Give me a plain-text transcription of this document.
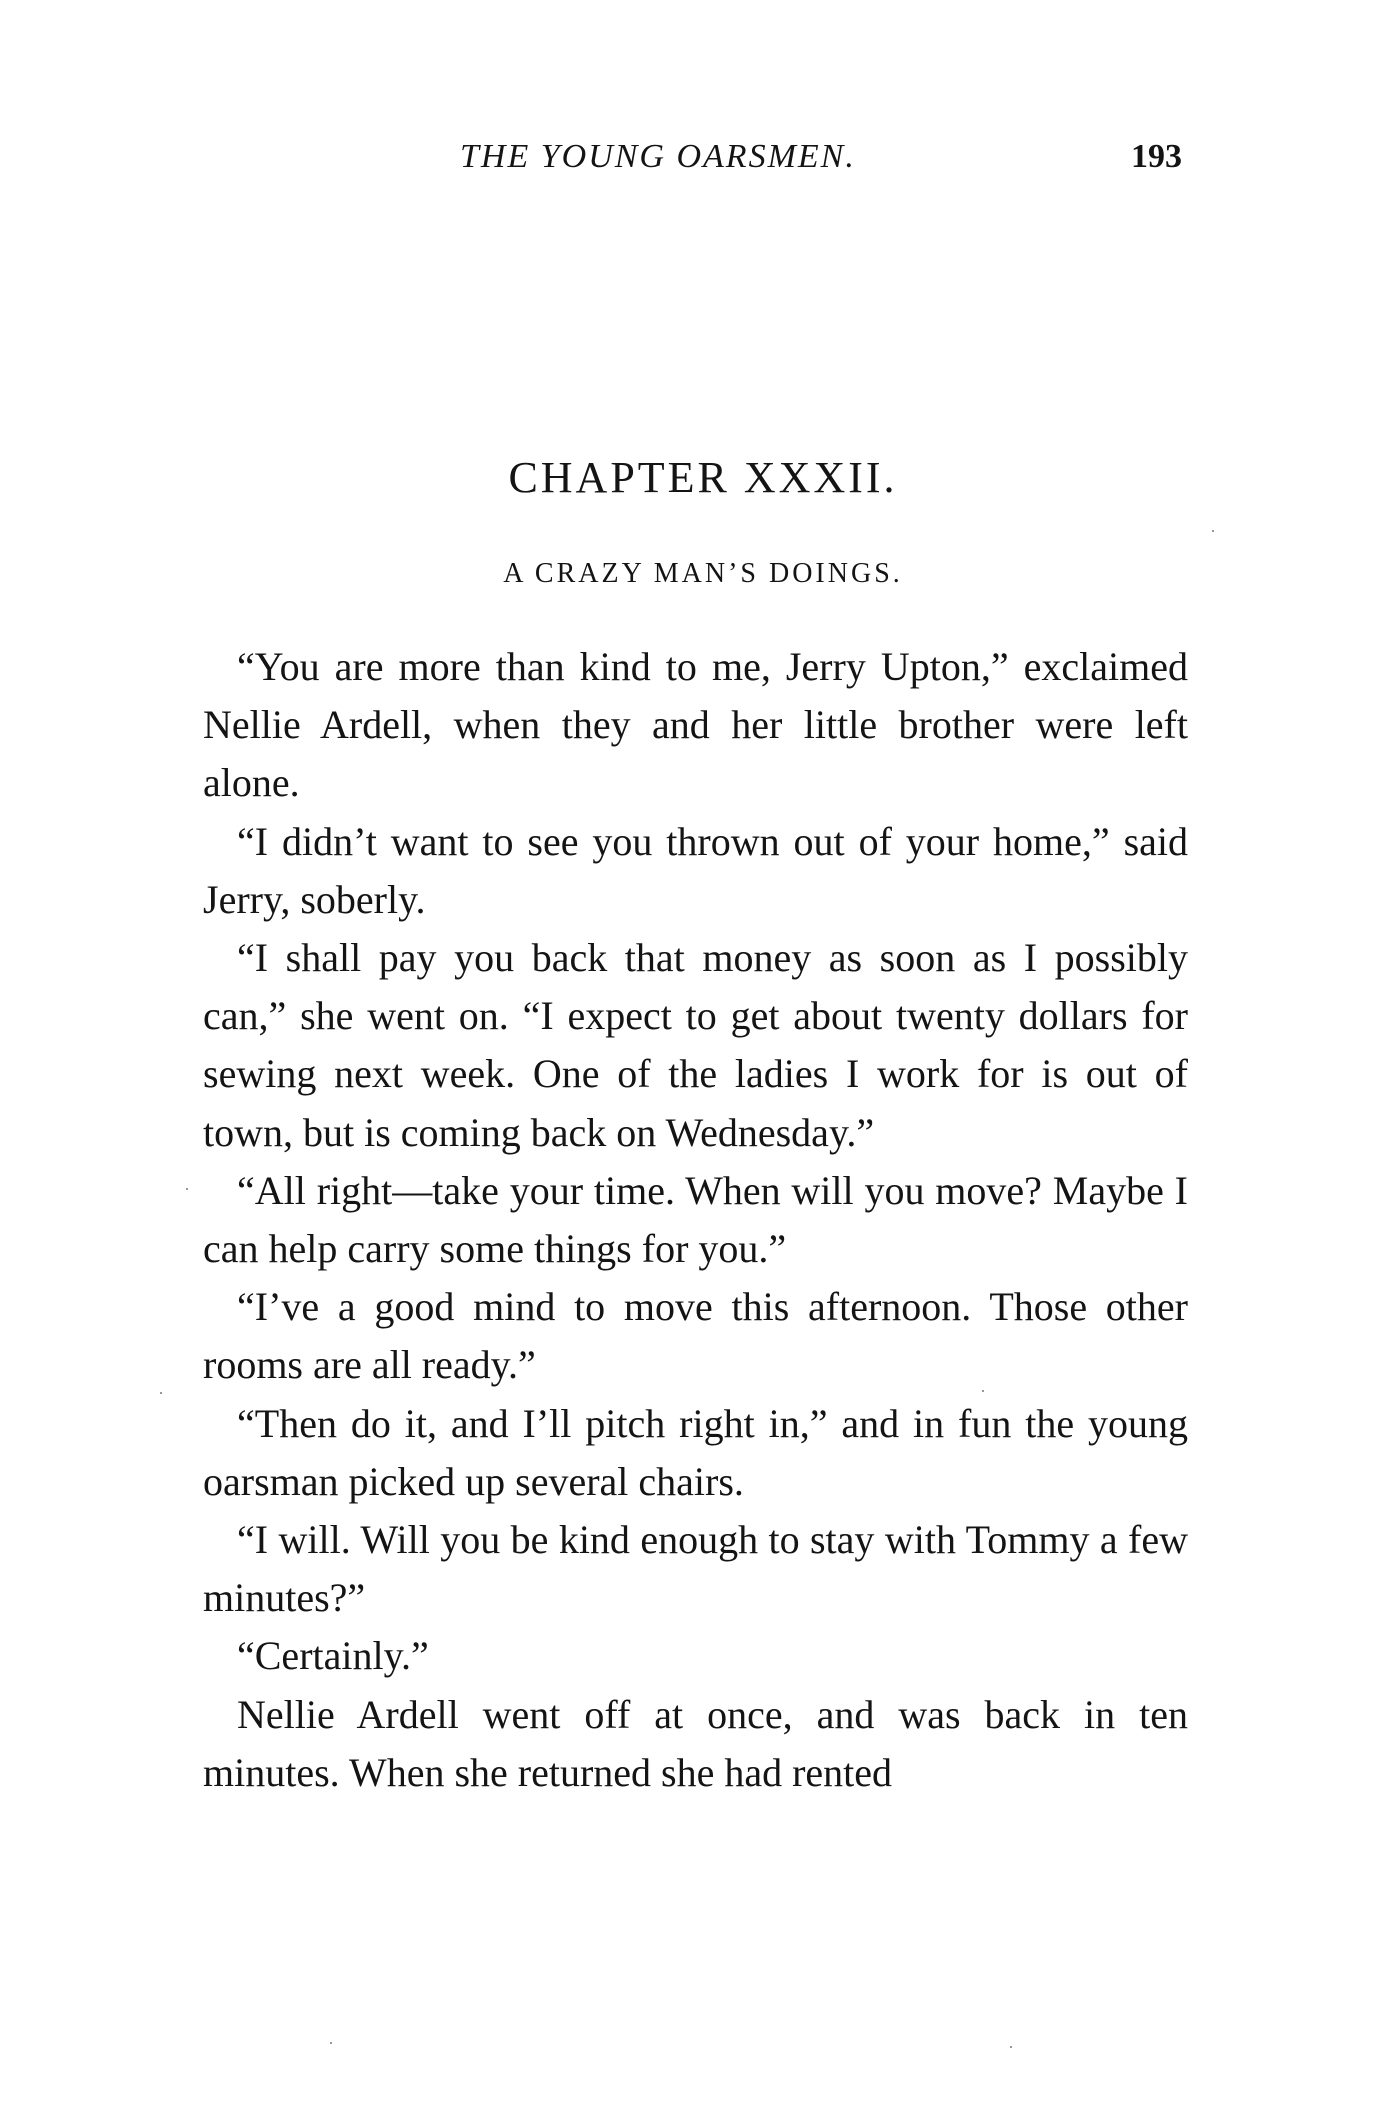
THE YOUNG OARSMEN.	193
CHAPTER XXXII.
A CRAZY MAN’S DOINGS.

“You are more than kind to me, Jerry Upton,” exclaimed Nellie Ardell, when they and her little brother were left alone.

“I didn’t want to see you thrown out of your home,” said Jerry, soberly.

“I shall pay you back that money as soon as I possibly can,” she went on. “I expect to get about twenty dollars for sewing next week. One of the ladies I work for is out of town, but is coming back on Wednesday.”

“All right—take your time. When will you move? Maybe I can help carry some things for you.”

“I’ve a good mind to move this afternoon. Those other rooms are all ready.”

“Then do it, and I’ll pitch right in,” and in fun the young oarsman picked up several chairs.

“I will. Will you be kind enough to stay with Tommy a few minutes?”

“Certainly.”

Nellie Ardell went off at once, and was back in ten minutes. When she returned she had rented
